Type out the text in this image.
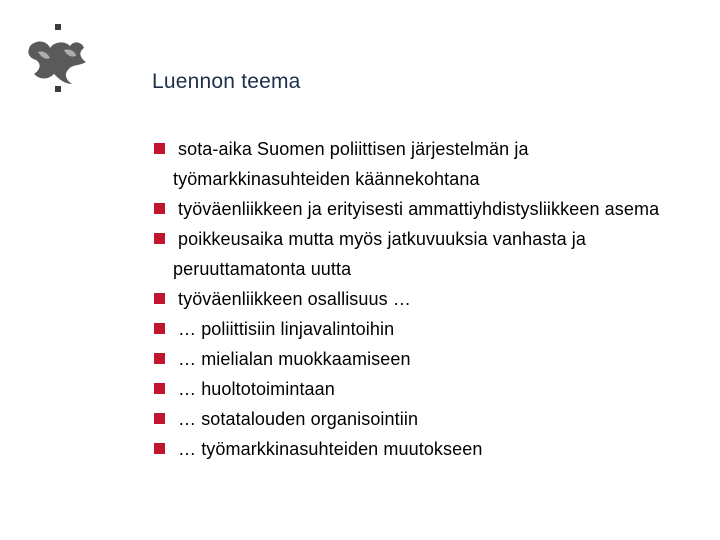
Luennon teema
sota-aika Suomen poliittisen järjestelmän ja työmarkkinasuhteiden käännekohtana
työväenliikkeen ja erityisesti ammattiyhdistysliikkeen asema
poikkeusaika mutta myös jatkuvuuksia vanhasta ja peruuttamatonta uutta
työväenliikkeen osallisuus …
… poliittisiin linjavalintoihin
… mielialan muokkaamiseen
… huoltotoimintaan
… sotatalouden organisointiin
… työmarkkinasuhteiden muutokseen
